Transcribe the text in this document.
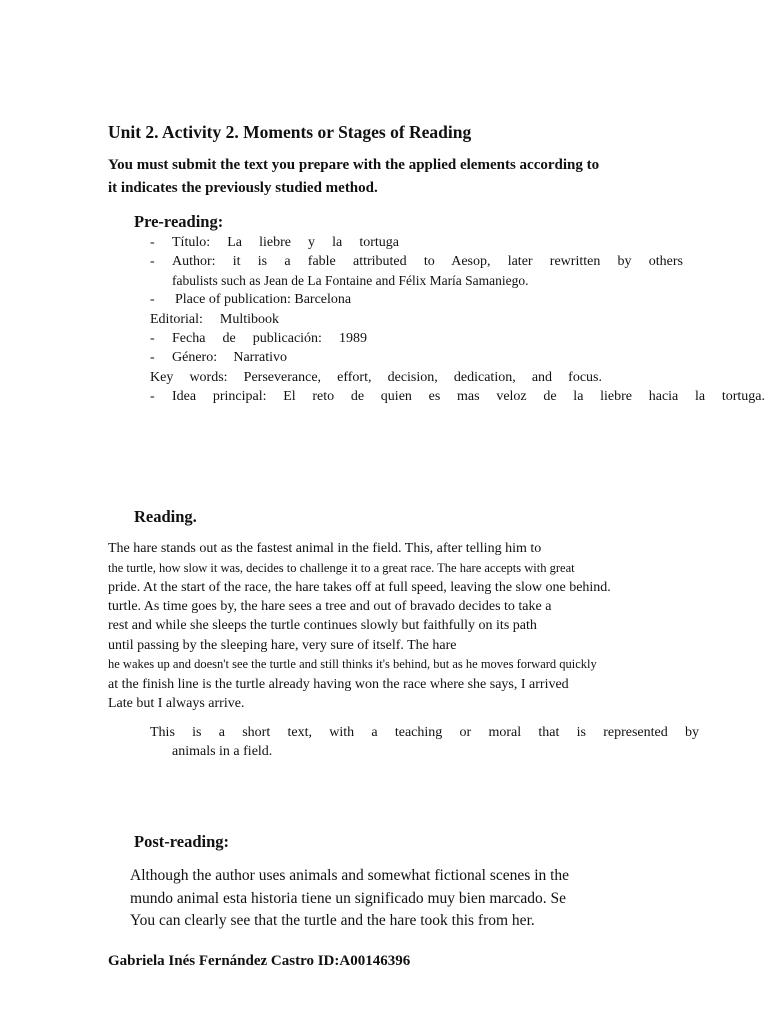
Unit 2. Activity 2. Moments or Stages of Reading
You must submit the text you prepare with the applied elements according to
it indicates the previously studied method.
Pre-reading:
- Título: La liebre y la tortuga
- Author: it is a fable attributed to Aesop, later rewritten by others
fabulists such as Jean de La Fontaine and Félix María Samaniego.
- Place of publication: Barcelona
Editorial: Multibook
- Fecha de publicación: 1989
- Género: Narrativo
Key words: Perseverance, effort, decision, dedication, and focus.
- Idea principal: El reto de quien es mas veloz de la liebre hacia la tortuga.
Reading.
The hare stands out as the fastest animal in the field. This, after telling him to
the turtle, how slow it was, decides to challenge it to a great race. The hare accepts with great
pride. At the start of the race, the hare takes off at full speed, leaving the slow one behind.
turtle. As time goes by, the hare sees a tree and out of bravado decides to take a
rest and while she sleeps the turtle continues slowly but faithfully on its path
until passing by the sleeping hare, very sure of itself. The hare
he wakes up and doesn't see the turtle and still thinks it's behind, but as he moves forward quickly
at the finish line is the turtle already having won the race where she says, I arrived
Late but I always arrive.
This is a short text, with a teaching or moral that is represented by
animals in a field.
Post-reading:
Although the author uses animals and somewhat fictional scenes in the
mundo animal esta historia tiene un significado muy bien marcado. Se
You can clearly see that the turtle and the hare took this from her.
Gabriela Inés Fernández Castro ID:A00146396
